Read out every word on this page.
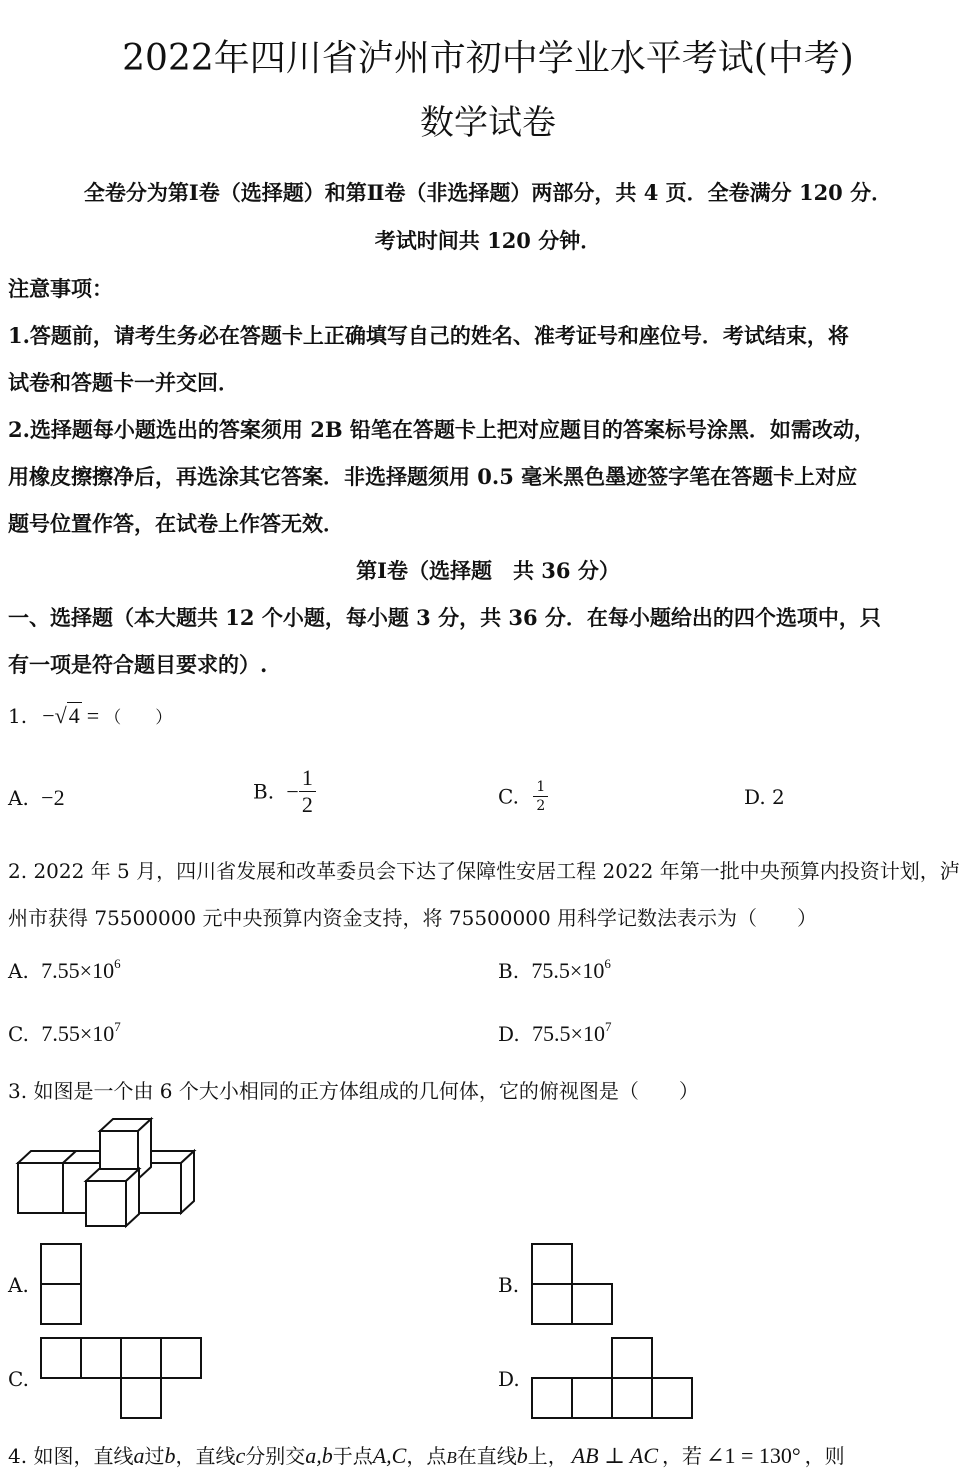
2022年四川省泸州市初中学业水平考试(中考)
数学试卷
全卷分为第Ⅰ卷（选择题）和第Ⅱ卷（非选择题）两部分，共 4 页．全卷满分 120 分．
考试时间共 120 分钟．
注意事项：
1.答题前，请考生务必在答题卡上正确填写自己的姓名、准考证号和座位号．考试结束，将
试卷和答题卡一并交回．
2.选择题每小题选出的答案须用 2B 铅笔在答题卡上把对应题目的答案标号涂黑．如需改动，
用橡皮擦擦净后，再选涂其它答案．非选择题须用 0.5 毫米黑色墨迹签字笔在答题卡上对应
题号位置作答，在试卷上作答无效．
第Ⅰ卷（选择题　共 36 分）
一、选择题（本大题共 12 个小题，每小题 3 分，共 36 分．在每小题给出的四个选项中，只
有一项是符合题目要求的）.
1. −√4 = （　　）
A. −2	B. − $\frac{1}{2}$	C. $\frac{1}{2}$	D. 2
2. 2022 年 5 月，四川省发展和改革委员会下达了保障性安居工程 2022 年第一批中央预算内投资计划，泸
州市获得 75500000 元中央预算内资金支持，将 75500000 用科学记数法表示为（　　）
A. $7.55\times 10^6$	B. $75.5\times 10^6$
C. $7.55\times 10^7$	D. $75.5\times 10^7$
3. 如图是一个由 6 个大小相同的正方体组成的几何体，它的俯视图是（　　）
A.	B.
C.	D.
4. 如图，直线a过b，直线c分别交a,b于点A,C，点B在直线b上， AB ⊥ AC ，若 ∠1 = 130° ，则
